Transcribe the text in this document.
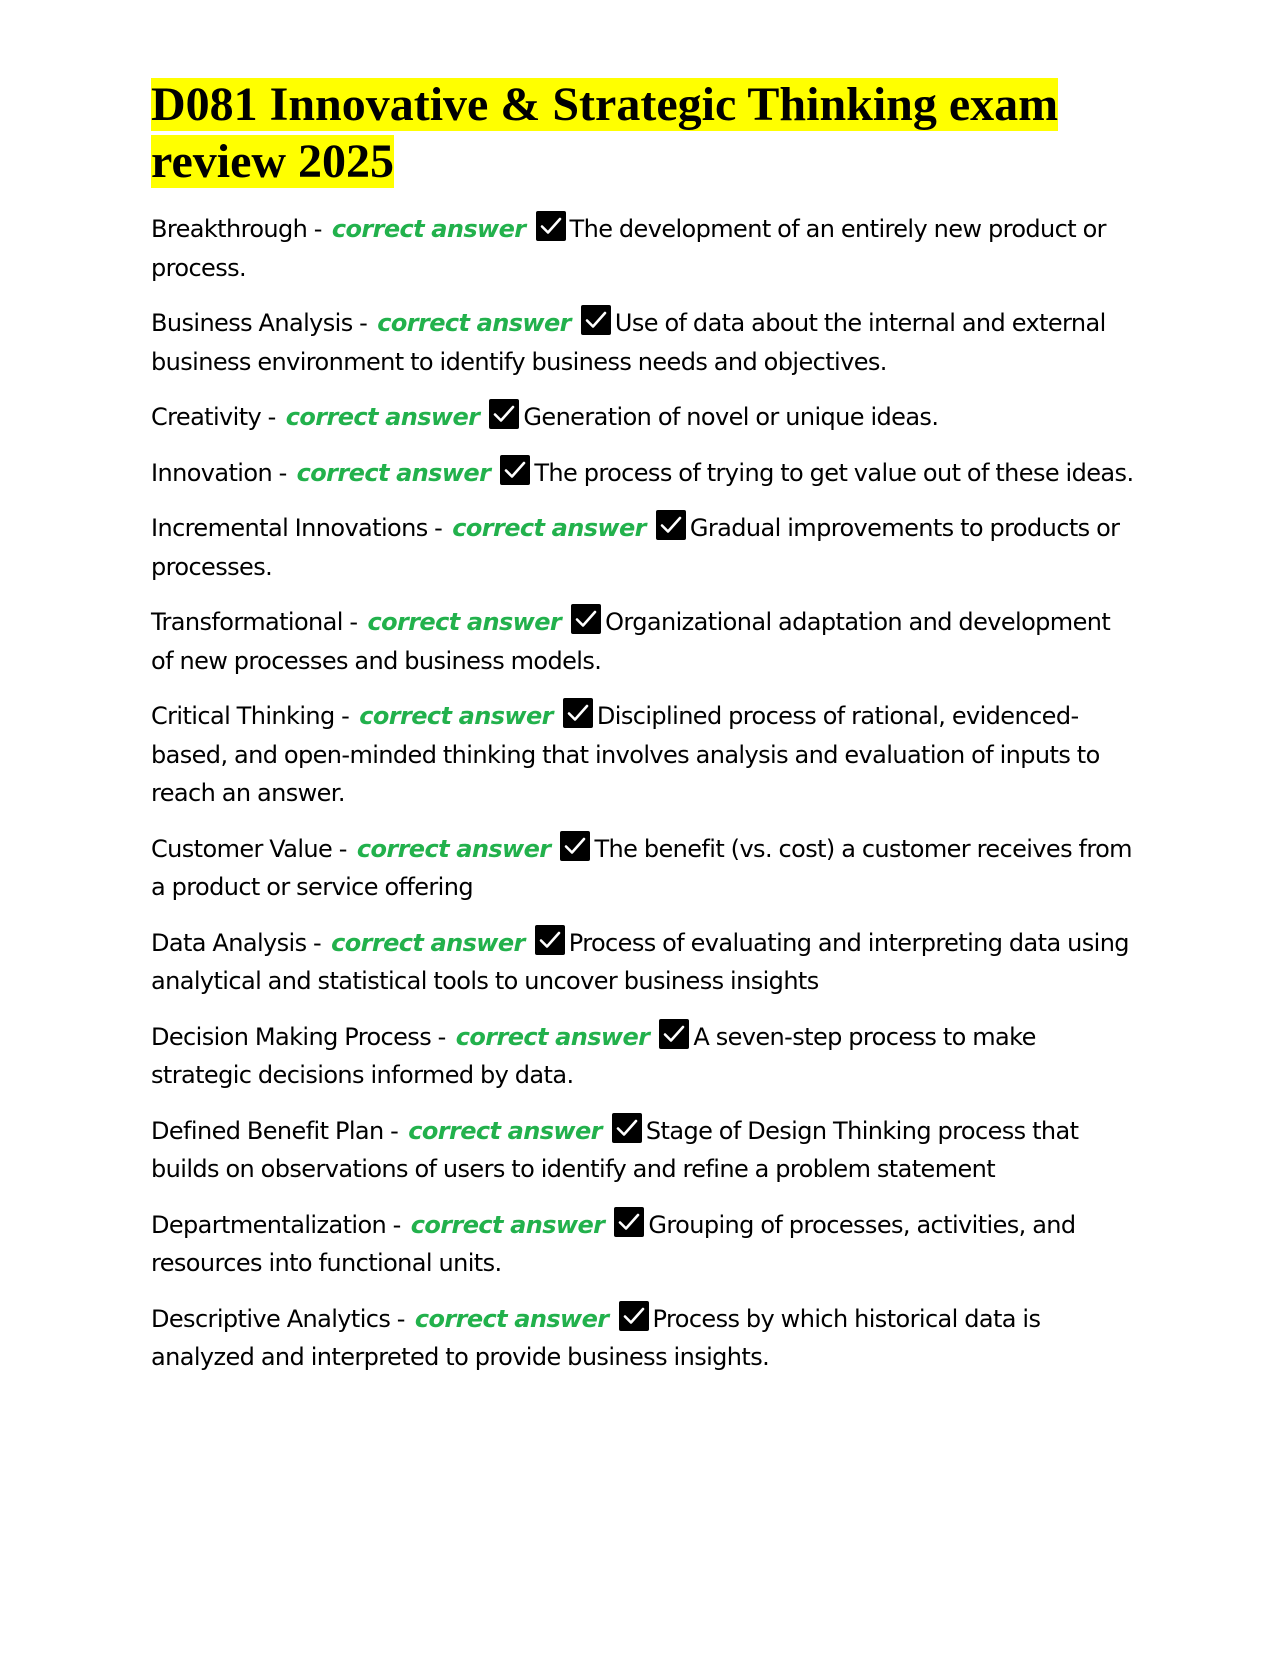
D081 Innovative & Strategic Thinking exam review 2025

Breakthrough - correct answer The development of an entirely new product or process.

Business Analysis - correct answer Use of data about the internal and external business environment to identify business needs and objectives.

Creativity - correct answer Generation of novel or unique ideas.

Innovation - correct answer The process of trying to get value out of these ideas.

Incremental Innovations - correct answer Gradual improvements to products or processes.

Transformational - correct answer Organizational adaptation and development of new processes and business models.

Critical Thinking - correct answer Disciplined process of rational, evidenced-based, and open-minded thinking that involves analysis and evaluation of inputs to reach an answer.

Customer Value - correct answer The benefit (vs. cost) a customer receives from a product or service offering

Data Analysis - correct answer Process of evaluating and interpreting data using analytical and statistical tools to uncover business insights

Decision Making Process - correct answer A seven-step process to make strategic decisions informed by data.

Defined Benefit Plan - correct answer Stage of Design Thinking process that builds on observations of users to identify and refine a problem statement

Departmentalization - correct answer Grouping of processes, activities, and resources into functional units.

Descriptive Analytics - correct answer Process by which historical data is analyzed and interpreted to provide business insights.
